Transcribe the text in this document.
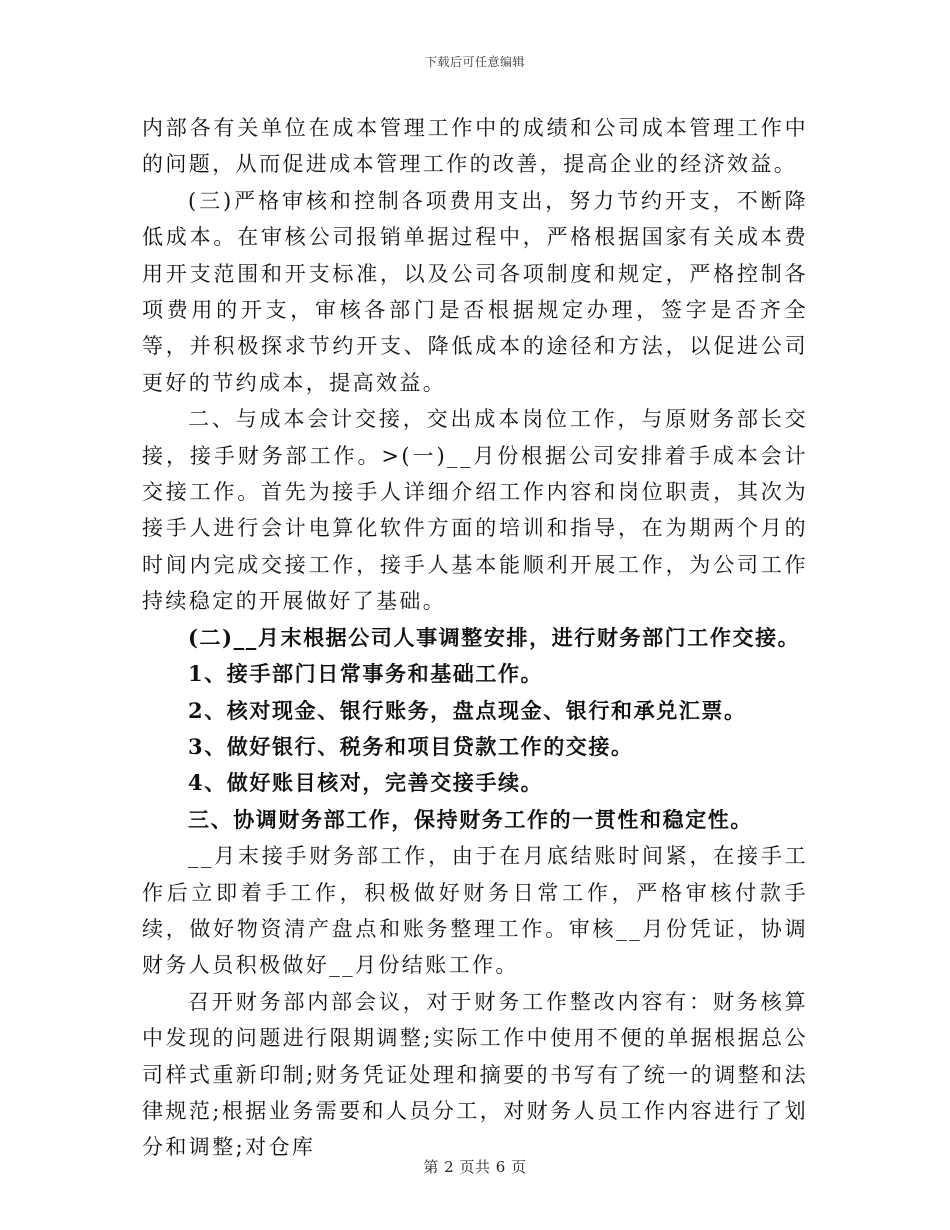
下载后可任意编辑

内部各有关单位在成本管理工作中的成绩和公司成本管理工作中的问题，从而促进成本管理工作的改善，提高企业的经济效益。

(三)严格审核和控制各项费用支出，努力节约开支，不断降低成本。在审核公司报销单据过程中，严格根据国家有关成本费用开支范围和开支标准，以及公司各项制度和规定，严格控制各项费用的开支，审核各部门是否根据规定办理，签字是否齐全等，并积极探求节约开支、降低成本的途径和方法，以促进公司更好的节约成本，提高效益。

二、与成本会计交接，交出成本岗位工作，与原财务部长交接，接手财务部工作。>(一)__月份根据公司安排着手成本会计交接工作。首先为接手人详细介绍工作内容和岗位职责，其次为接手人进行会计电算化软件方面的培训和指导，在为期两个月的时间内完成交接工作，接手人基本能顺利开展工作，为公司工作持续稳定的开展做好了基础。

(二)__月末根据公司人事调整安排，进行财务部门工作交接。

1、接手部门日常事务和基础工作。

2、核对现金、银行账务，盘点现金、银行和承兑汇票。

3、做好银行、税务和项目贷款工作的交接。

4、做好账目核对，完善交接手续。

三、协调财务部工作，保持财务工作的一贯性和稳定性。

__月末接手财务部工作，由于在月底结账时间紧，在接手工作后立即着手工作，积极做好财务日常工作，严格审核付款手续，做好物资清产盘点和账务整理工作。审核__月份凭证，协调财务人员积极做好__月份结账工作。

召开财务部内部会议，对于财务工作整改内容有：财务核算中发现的问题进行限期调整;实际工作中使用不便的单据根据总公司样式重新印制;财务凭证处理和摘要的书写有了统一的调整和法律规范;根据业务需要和人员分工，对财务人员工作内容进行了划分和调整;对仓库

第 2 页共 6 页
